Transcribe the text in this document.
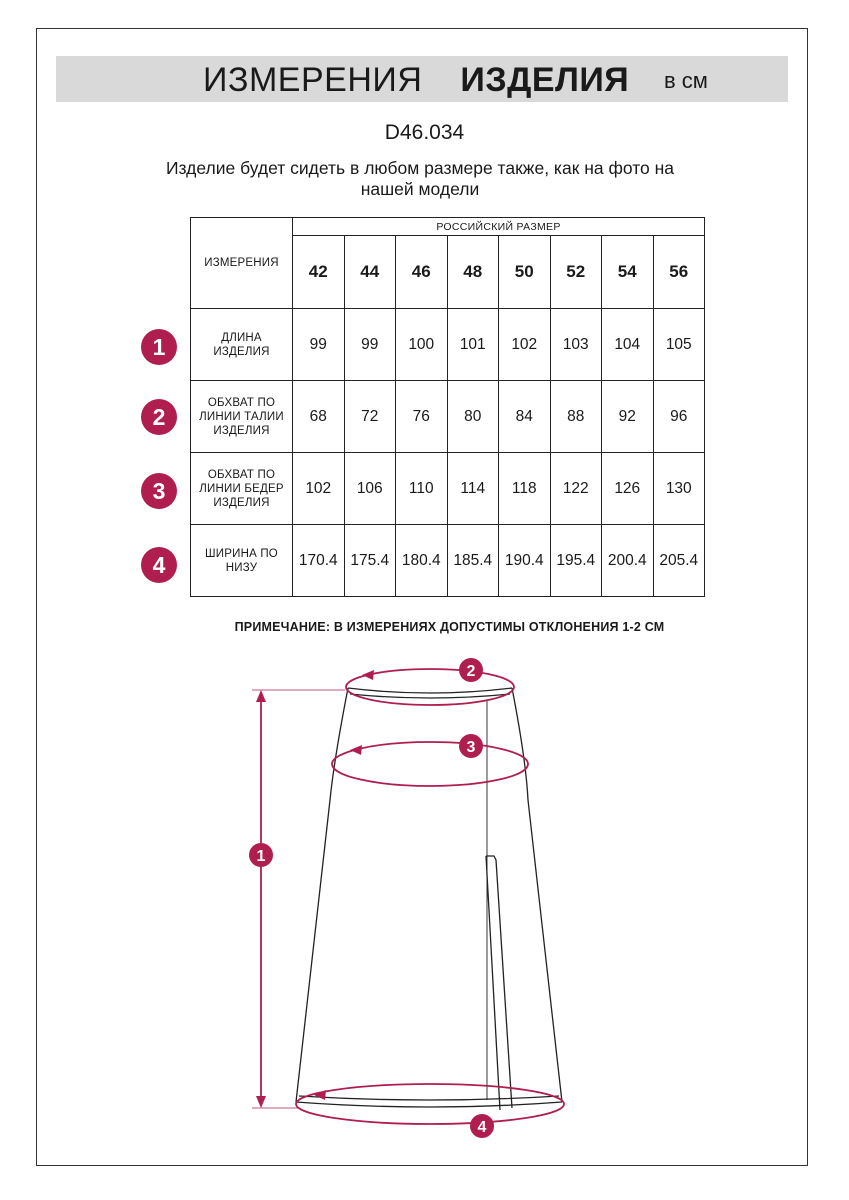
ИЗМЕРЕНИЯ ИЗДЕЛИЯ в см
D46.034
Изделие будет сидеть в любом размере также, как на фото на
нашей модели
ИЗМЕРЕНИЯ	РОССИЙСКИЙ РАЗМЕР							
	42	44	46	48	50	52	54	56

ДЛИНА
ИЗДЕЛИЯ	99	99	100	101	102	103	104	105

ОБХВАТ ПО
ЛИНИИ ТАЛИИ
ИЗДЕЛИЯ	68	72	76	80	84	88	92	96

ОБХВАТ ПО
ЛИНИИ БЕДЕР
ИЗДЕЛИЯ	102	106	110	114	118	122	126	130

ШИРИНА ПО
НИЗУ	170.4	175.4	180.4	185.4	190.4	195.4	200.4	205.4
1
2
3
4
ПРИМЕЧАНИЕ: В ИЗМЕРЕНИЯХ ДОПУСТИМЫ ОТКЛОНЕНИЯ 1-2 СМ
2
3
1
4
